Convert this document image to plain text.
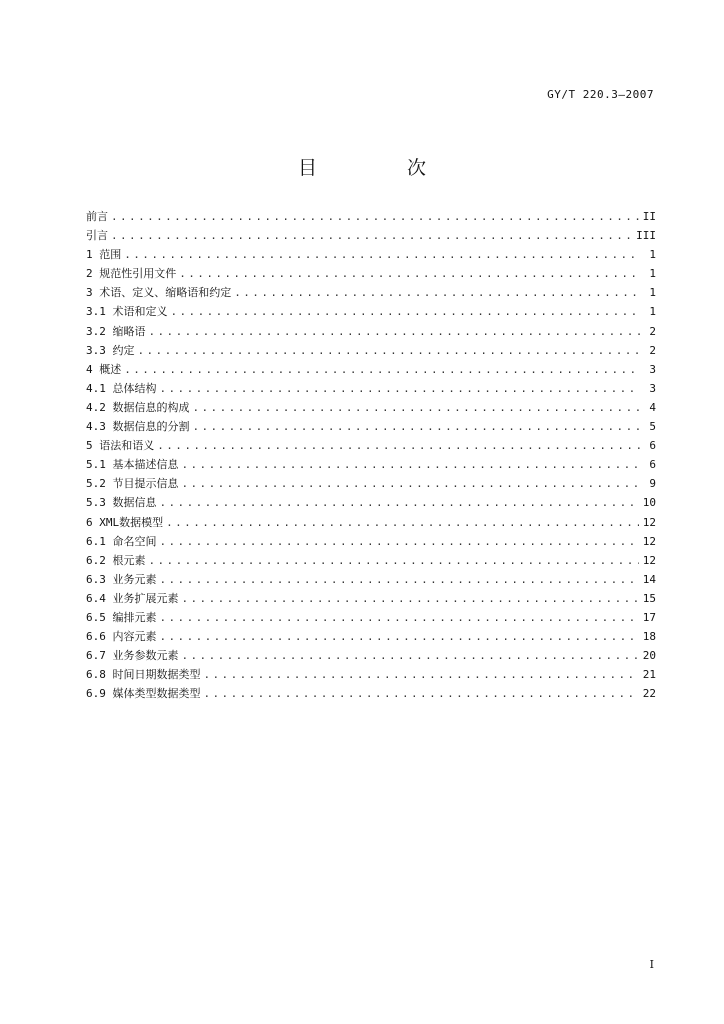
GY/T 220.3—2007
目 次
前言 .....	II
引言 .....	III
1 范围 .....	1
2 规范性引用文件 .....	1
3 术语、定义、缩略语和约定 .....	1
3.1 术语和定义 .....	1
3.2 缩略语 .....	2
3.3 约定 .....	2
4 概述 .....	3
4.1 总体结构 .....	3
4.2 数据信息的构成 .....	4
4.3 数据信息的分割 .....	5
5 语法和语义 .....	6
5.1 基本描述信息 .....	6
5.2 节目提示信息 .....	9
5.3 数据信息 .....	10
6 XML数据模型 .....	12
6.1 命名空间 .....	12
6.2 根元素 .....	12
6.3 业务元素 .....	14
6.4 业务扩展元素 .....	15
6.5 编排元素 .....	17
6.6 内容元素 .....	18
6.7 业务参数元素 .....	20
6.8 时间日期数据类型 .....	21
6.9 媒体类型数据类型 .....	22
I
